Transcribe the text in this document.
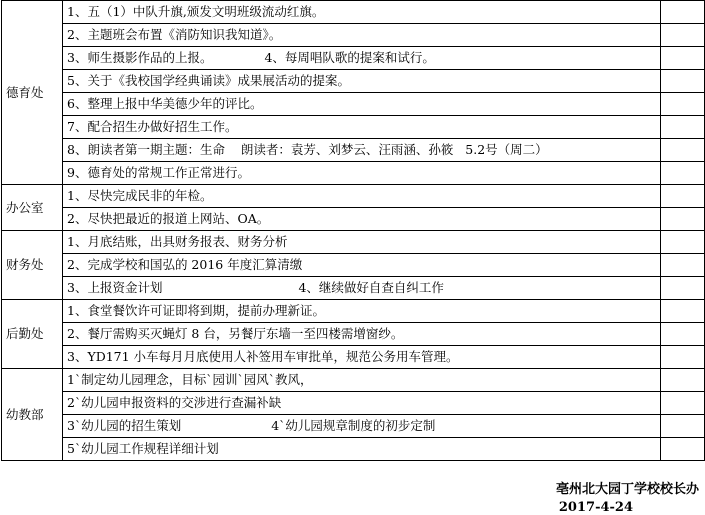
德育处	1、五（1）中队升旗,颁发文明班级流动红旗。	
	2、主题班会布置《消防知识我知道》。	
	3、师生摄影作品的上报。 4、每周唱队歌的提案和试行。	
	5、关于《我校国学经典诵读》成果展活动的提案。	
	6、整理上报中华美德少年的评比。	
	7、配合招生办做好招生工作。	
	8、朗读者第一期主题：生命    朗读者：袁芳、刘梦云、汪雨涵、孙筱   5.2号（周二）	
	9、德育处的常规工作正常进行。	
办公室	1、尽快完成民非的年检。	
	2、尽快把最近的报道上网站、OA。	
财务处	1、月底结账，出具财务报表、财务分析	
	2、完成学校和国弘的 2016 年度汇算清缴	
	3、上报资金计划 4、继续做好自查自纠工作	
后勤处	1、食堂餐饮许可证即将到期，提前办理新证。	
	2、餐厅需购买灭蝇灯 8 台，另餐厅东墙一至四楼需增窗纱。	
	3、YD171 小车每月月底使用人补签用车审批单，规范公务用车管理。	
幼教部	1`制定幼儿园理念，目标`园训`园风`教风，	
	2`幼儿园申报资料的交涉进行查漏补缺	
	3`幼儿园的招生策划 4`幼儿园规章制度的初步定制	
	5`幼儿园工作规程详细计划	
亳州北大园丁学校校长办
2017-4-24
